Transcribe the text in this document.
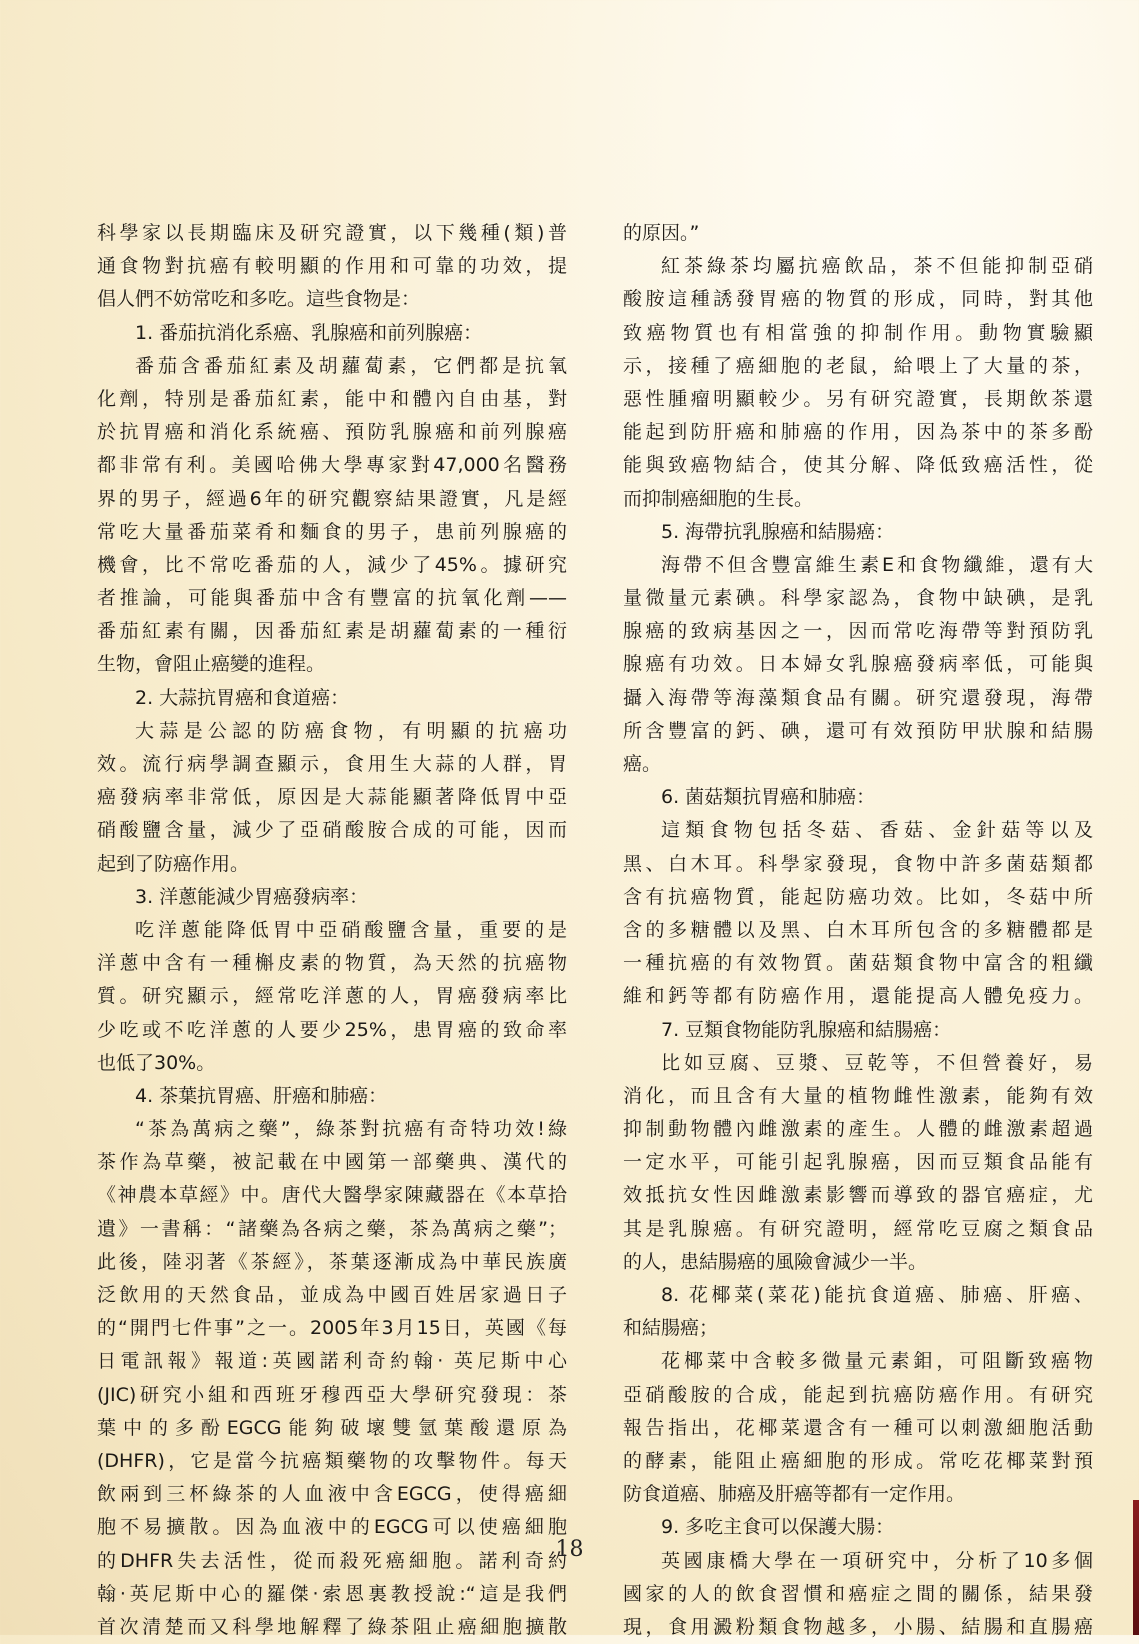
科學家以長期臨床及研究證實，以下幾種(類)普
通食物對抗癌有較明顯的作用和可靠的功效，提
倡人們不妨常吃和多吃。這些食物是：
1. 番茄抗消化系癌、乳腺癌和前列腺癌：
番茄含番茄紅素及胡蘿蔔素，它們都是抗氧
化劑，特別是番茄紅素，能中和體內自由基，對
於抗胃癌和消化系統癌、預防乳腺癌和前列腺癌
都非常有利。美國哈佛大學專家對47,000名醫務
界的男子，經過6年的研究觀察結果證實，凡是經
常吃大量番茄菜肴和麵食的男子，患前列腺癌的
機會，比不常吃番茄的人，減少了45%。據研究
者推論，可能與番茄中含有豐富的抗氧化劑——
番茄紅素有關，因番茄紅素是胡蘿蔔素的一種衍
生物，會阻止癌變的進程。
2. 大蒜抗胃癌和食道癌：
大蒜是公認的防癌食物，有明顯的抗癌功
效。流行病學調查顯示，食用生大蒜的人群，胃
癌發病率非常低，原因是大蒜能顯著降低胃中亞
硝酸鹽含量，減少了亞硝酸胺合成的可能，因而
起到了防癌作用。
3. 洋蔥能減少胃癌發病率：
吃洋蔥能降低胃中亞硝酸鹽含量，重要的是
洋蔥中含有一種槲皮素的物質，為天然的抗癌物
質。研究顯示，經常吃洋蔥的人，胃癌發病率比
少吃或不吃洋蔥的人要少25%，患胃癌的致命率
也低了30%。
4. 茶葉抗胃癌、肝癌和肺癌：
“茶為萬病之藥”，綠茶對抗癌有奇特功效!綠
茶作為草藥，被記載在中國第一部藥典、漢代的
《神農本草經》中。唐代大醫學家陳藏器在《本草拾
遺》一書稱：“諸藥為各病之藥，茶為萬病之藥”；
此後，陸羽著《茶經》，茶葉逐漸成為中華民族廣
泛飲用的天然食品，並成為中國百姓居家過日子
的“開門七件事”之一。2005年3月15日，英國《每
日電訊報》報道:英國諾利奇約翰· 英尼斯中心
(JIC)研究小組和西班牙穆西亞大學研究發現：茶
葉中的多酚EGCG能夠破壞雙氫葉酸還原為
(DHFR)，它是當今抗癌類藥物的攻擊物件。每天
飲兩到三杯綠茶的人血液中含EGCG，使得癌細
胞不易擴散。因為血液中的EGCG可以使癌細胞
的DHFR失去活性，從而殺死癌細胞。諾利奇約
翰·英尼斯中心的羅傑·索恩裏教授說:“這是我們
首次清楚而又科學地解釋了綠茶阻止癌細胞擴散
的原因。”
紅茶綠茶均屬抗癌飲品，茶不但能抑制亞硝
酸胺這種誘發胃癌的物質的形成，同時，對其他
致癌物質也有相當強的抑制作用。動物實驗顯
示，接種了癌細胞的老鼠，給喂上了大量的茶，
惡性腫瘤明顯較少。另有研究證實，長期飲茶還
能起到防肝癌和肺癌的作用，因為茶中的茶多酚
能與致癌物結合，使其分解、降低致癌活性，從
而抑制癌細胞的生長。
5. 海帶抗乳腺癌和結腸癌：
海帶不但含豐富維生素E和食物纖維，還有大
量微量元素碘。科學家認為，食物中缺碘，是乳
腺癌的致病基因之一，因而常吃海帶等對預防乳
腺癌有功效。日本婦女乳腺癌發病率低，可能與
攝入海帶等海藻類食品有關。研究還發現，海帶
所含豐富的鈣、碘，還可有效預防甲狀腺和結腸
癌。
6. 菌菇類抗胃癌和肺癌：
這類食物包括冬菇、香菇、金針菇等以及
黑、白木耳。科學家發現，食物中許多菌菇類都
含有抗癌物質，能起防癌功效。比如，冬菇中所
含的多糖體以及黑、白木耳所包含的多糖體都是
一種抗癌的有效物質。菌菇類食物中富含的粗纖
維和鈣等都有防癌作用，還能提高人體免疫力。
7. 豆類食物能防乳腺癌和結腸癌：
比如豆腐、豆漿、豆乾等，不但營養好，易
消化，而且含有大量的植物雌性激素，能夠有效
抑制動物體內雌激素的產生。人體的雌激素超過
一定水平，可能引起乳腺癌，因而豆類食品能有
效抵抗女性因雌激素影響而導致的器官癌症，尤
其是乳腺癌。有研究證明，經常吃豆腐之類食品
的人，患結腸癌的風險會減少一半。
8. 花椰菜(菜花)能抗食道癌、肺癌、肝癌、
和結腸癌；
花椰菜中含較多微量元素鉬，可阻斷致癌物
亞硝酸胺的合成，能起到抗癌防癌作用。有研究
報告指出，花椰菜還含有一種可以刺激細胞活動
的酵素，能阻止癌細胞的形成。常吃花椰菜對預
防食道癌、肺癌及肝癌等都有一定作用。
9. 多吃主食可以保護大腸：
英國康橋大學在一項研究中，分析了10多個
國家的人的飲食習慣和癌症之間的關係，結果發
現，食用澱粉類食物越多，小腸、結腸和直腸癌
18
